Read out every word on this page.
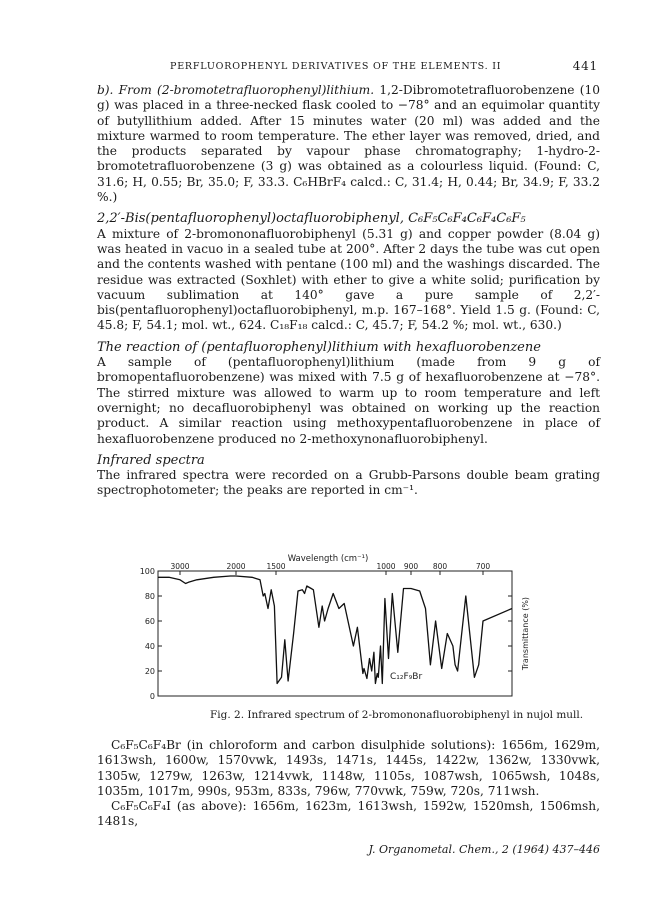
PERFLUOROPHENYL DERIVATIVES OF THE ELEMENTS. II	441

b). From (2-bromotetrafluorophenyl)lithium. 1,2-Dibromotetrafluorobenzene (10 g) was placed in a three-necked flask cooled to −78° and an equimolar quantity of butyllithium added. After 15 minutes water (20 ml) was added and the mixture warmed to room temperature. The ether layer was removed, dried, and the products separated by vapour phase chromatography; 1-hydro-2-bromotetrafluorobenzene (3 g) was obtained as a colourless liquid. (Found: C, 31.6; H, 0.55; Br, 35.0; F, 33.3. C₆HBrF₄ calcd.: C, 31.4; H, 0.44; Br, 34.9; F, 33.2 %.)

2,2′-Bis(pentafluorophenyl)octafluorobiphenyl, C₆F₅C₆F₄C₆F₄C₆F₅

A mixture of 2-bromononafluorobiphenyl (5.31 g) and copper powder (8.04 g) was heated in vacuo in a sealed tube at 200°. After 2 days the tube was cut open and the contents washed with pentane (100 ml) and the washings discarded. The residue was extracted (Soxhlet) with ether to give a white solid; purification by vacuum sublimation at 140° gave a pure sample of 2,2′-bis(pentafluorophenyl)octafluorobiphenyl, m.p. 167–168°. Yield 1.5 g. (Found: C, 45.8; F, 54.1; mol. wt., 624. C₁₈F₁₈ calcd.: C, 45.7; F, 54.2 %; mol. wt., 630.)

The reaction of (pentafluorophenyl)lithium with hexafluorobenzene

A sample of (pentafluorophenyl)lithium (made from 9 g of bromopentafluorobenzene) was mixed with 7.5 g of hexafluorobenzene at −78°. The stirred mixture was allowed to warm up to room temperature and left overnight; no decafluorobiphenyl was obtained on working up the reaction product. A similar reaction using methoxypentafluorobenzene in place of hexafluorobenzene produced no 2-methoxynonafluorobiphenyl.

Infrared spectra

The infrared spectra were recorded on a Grubb-Parsons double beam grating spectrophotometer; the peaks are reported in cm⁻¹.

100
80
60
40
20
0
3000	2000	1500	1000 900 800	700
Wavelength (cm⁻¹)
Transmittance (%)
C₁₂F₉Br
Fig. 2. Infrared spectrum of 2-bromononafluorobiphenyl in nujol mull.

C₆F₅C₆F₄Br (in chloroform and carbon disulphide solutions): 1656m, 1629m, 1613wsh, 1600w, 1570vwk, 1493s, 1471s, 1445s, 1422w, 1362w, 1330vwk, 1305w, 1279w, 1263w, 1214vwk, 1148w, 1105s, 1087wsh, 1065wsh, 1048s, 1035m, 1017m, 990s, 953m, 833s, 796w, 770vwk, 759w, 720s, 711wsh.

C₆F₅C₆F₄I (as above): 1656m, 1623m, 1613wsh, 1592w, 1520msh, 1506msh, 1481s,

J. Organometal. Chem., 2 (1964) 437–446
